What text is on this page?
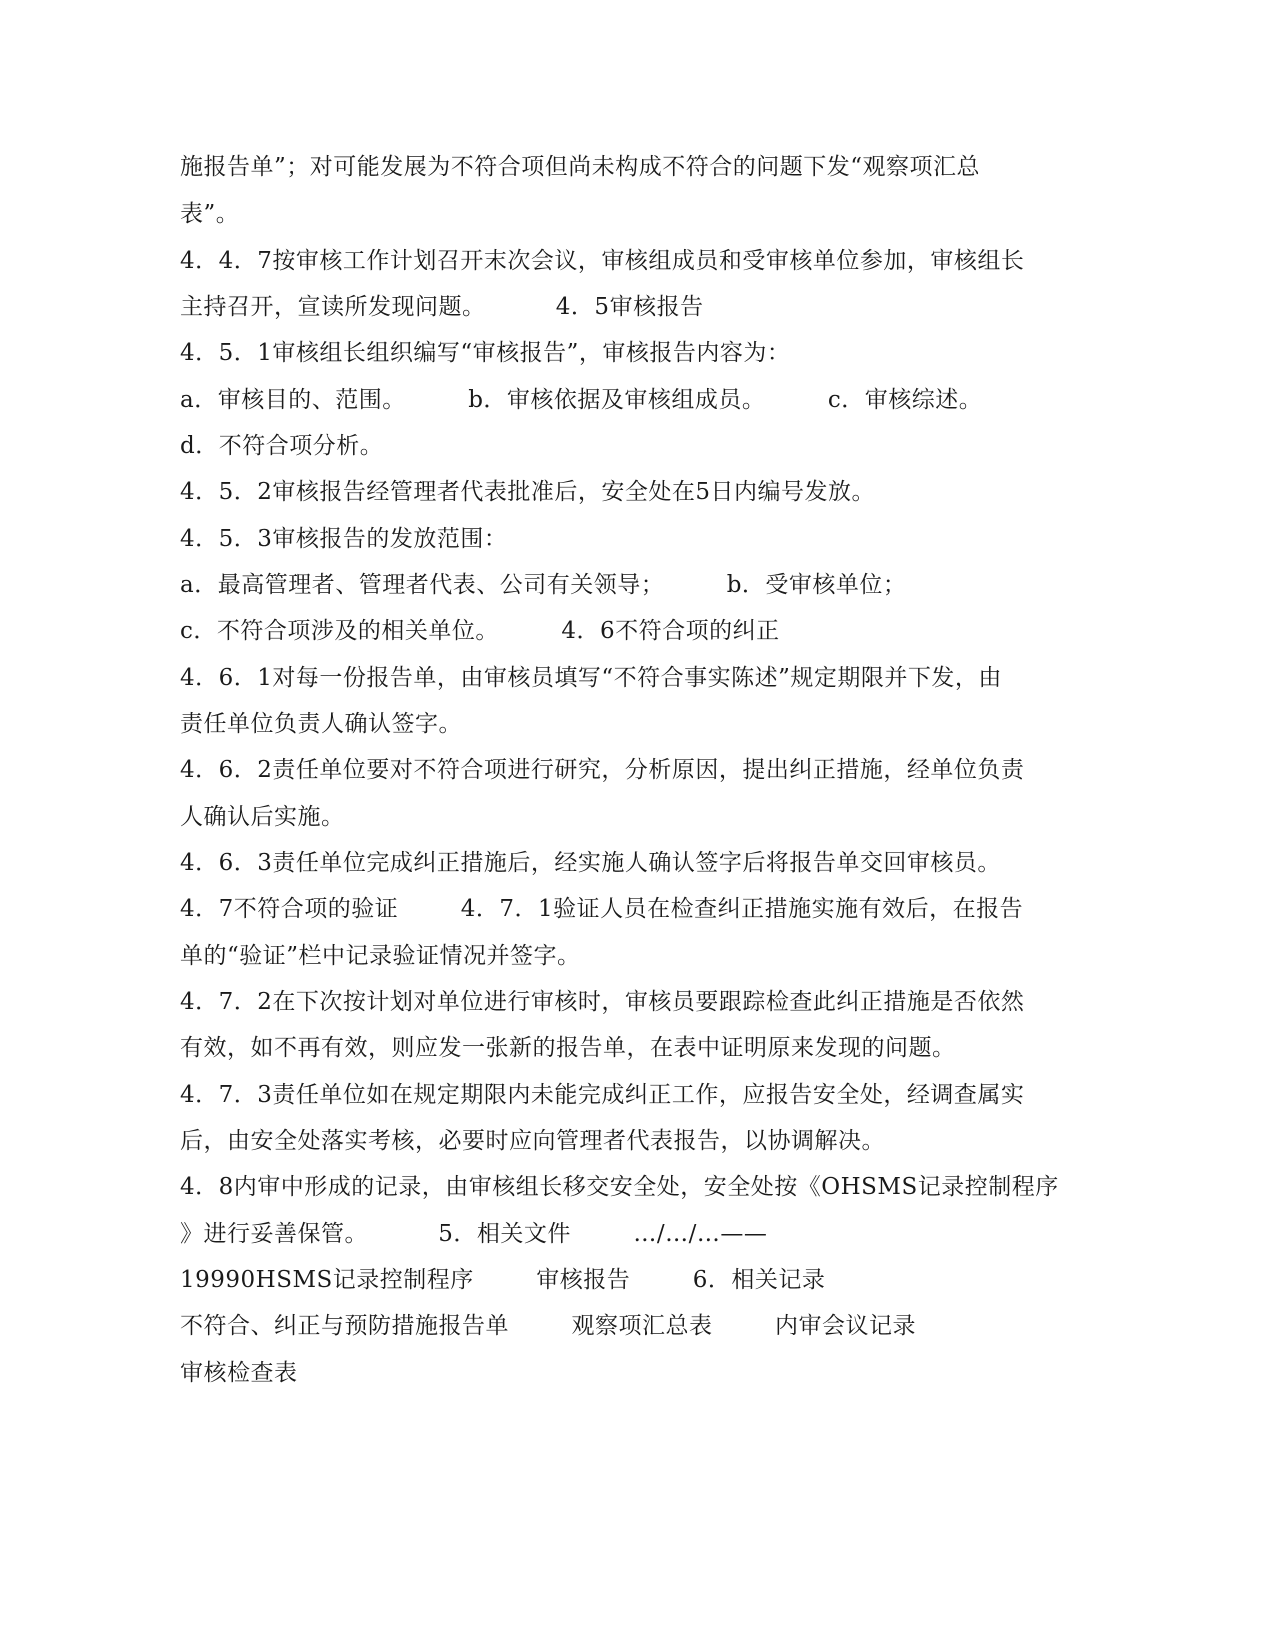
施报告单”；对可能发展为不符合项但尚未构成不符合的问题下发“观察项汇总
表”。
4．4．7按审核工作计划召开末次会议，审核组成员和受审核单位参加，审核组长
主持召开，宣读所发现问题。         4．5审核报告
4．5．1审核组长组织编写“审核报告”，审核报告内容为：
a．审核目的、范围。        b．审核依据及审核组成员。        c．审核综述。
d．不符合项分析。
4．5．2审核报告经管理者代表批准后，安全处在5日内编号发放。
4．5．3审核报告的发放范围：
a．最高管理者、管理者代表、公司有关领导；        b．受审核单位；
c．不符合项涉及的相关单位。        4．6不符合项的纠正
4．6．1对每一份报告单，由审核员填写“不符合事实陈述”规定期限并下发，由
责任单位负责人确认签字。
4．6．2责任单位要对不符合项进行研究，分析原因，提出纠正措施，经单位负责
人确认后实施。
4．6．3责任单位完成纠正措施后，经实施人确认签字后将报告单交回审核员。
4．7不符合项的验证        4．7．1验证人员在检查纠正措施实施有效后，在报告
单的“验证”栏中记录验证情况并签字。
4．7．2在下次按计划对单位进行审核时，审核员要跟踪检查此纠正措施是否依然
有效，如不再有效，则应发一张新的报告单，在表中证明原来发现的问题。
4．7．3责任单位如在规定期限内未能完成纠正工作，应报告安全处，经调查属实
后，由安全处落实考核，必要时应向管理者代表报告，以协调解决。
4．8内审中形成的记录，由审核组长移交安全处，安全处按《OHSMS记录控制程序
》进行妥善保管。         5．相关文件        …/…/…——
19990HSMS记录控制程序        审核报告        6．相关记录
不符合、纠正与预防措施报告单        观察项汇总表        内审会议记录
审核检查表
